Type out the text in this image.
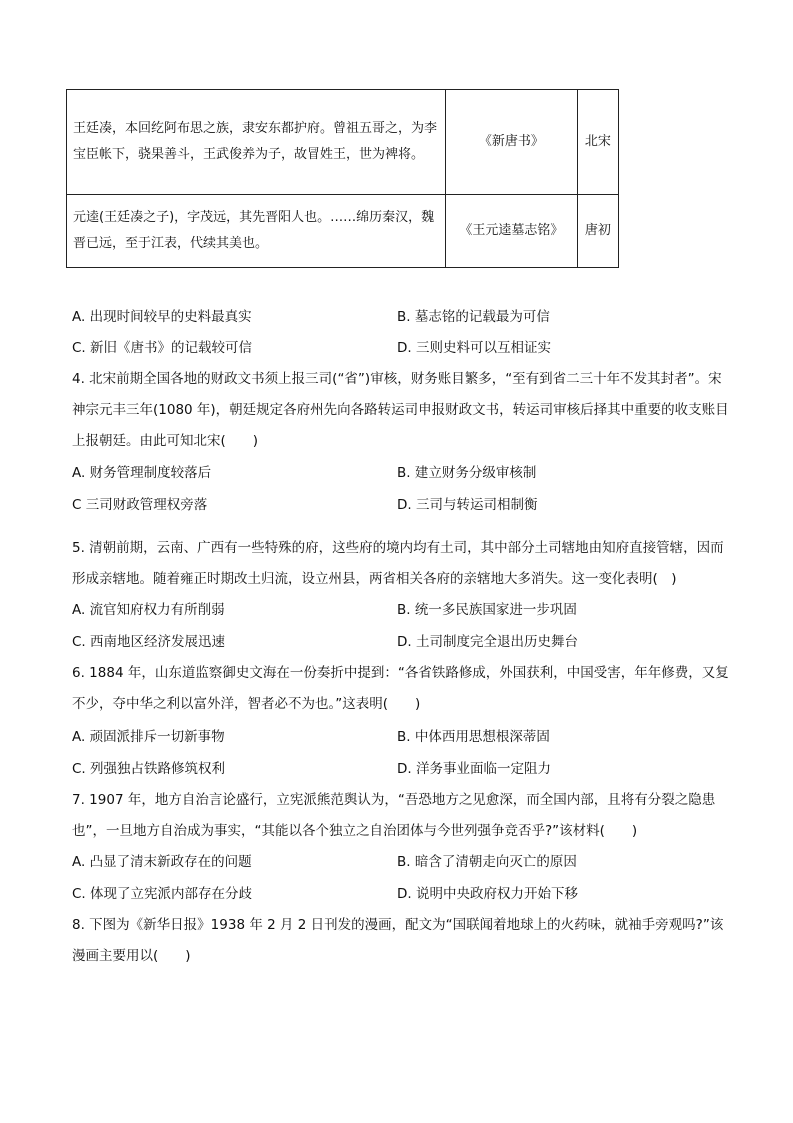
王廷凑，本回纥阿布思之族，隶安东都护府。曾祖五哥之，为李宝臣帐下，骁果善斗，王武俊养为子，故冒姓王，世为裨将。	《新唐书》	北宋
元逵(王廷凑之子)，字茂远，其先晋阳人也。……绵历秦汉，魏晋已远，至于江表，代续其美也。	《王元逵墓志铭》	唐初
A. 出现时间较早的史料最真实	B. 墓志铭的记载最为可信
C. 新旧《唐书》的记载较可信	D. 三则史料可以互相证实
4. 北宋前期全国各地的财政文书须上报三司(“省”)审核，财务账目繁多，“至有到省二三十年不发其封者”。宋神宗元丰三年(1080 年)，朝廷规定各府州先向各路转运司申报财政文书，转运司审核后择其中重要的收支账目上报朝廷。由此可知北宋(　　)
A. 财务管理制度较落后	B. 建立财务分级审核制
C 三司财政管理权旁落	D. 三司与转运司相制衡
5. 清朝前期，云南、广西有一些特殊的府，这些府的境内均有土司，其中部分土司辖地由知府直接管辖，因而形成亲辖地。随着雍正时期改土归流，设立州县，两省相关各府的亲辖地大多消失。这一变化表明(　)
A. 流官知府权力有所削弱	B. 统一多民族国家进一步巩固
C. 西南地区经济发展迅速	D. 土司制度完全退出历史舞台
6. 1884 年，山东道监察御史文海在一份奏折中提到：“各省铁路修成，外国获利，中国受害，年年修费，又复不少，夺中华之利以富外洋，智者必不为也。”这表明(　　)
A. 顽固派排斥一切新事物	B. 中体西用思想根深蒂固
C. 列强独占铁路修筑权利	D. 洋务事业面临一定阻力
7. 1907 年，地方自治言论盛行，立宪派熊范舆认为，“吾恐地方之见愈深，而全国内部，且将有分裂之隐患也”，一旦地方自治成为事实，“其能以各个独立之自治团体与今世列强争竞否乎?”该材料(　　)
A. 凸显了清末新政存在的问题	B. 暗含了清朝走向灭亡的原因
C. 体现了立宪派内部存在分歧	D. 说明中央政府权力开始下移
8. 下图为《新华日报》1938 年 2 月 2 日刊发的漫画，配文为“国联闻着地球上的火药味，就袖手旁观吗?”该漫画主要用以(　　)
